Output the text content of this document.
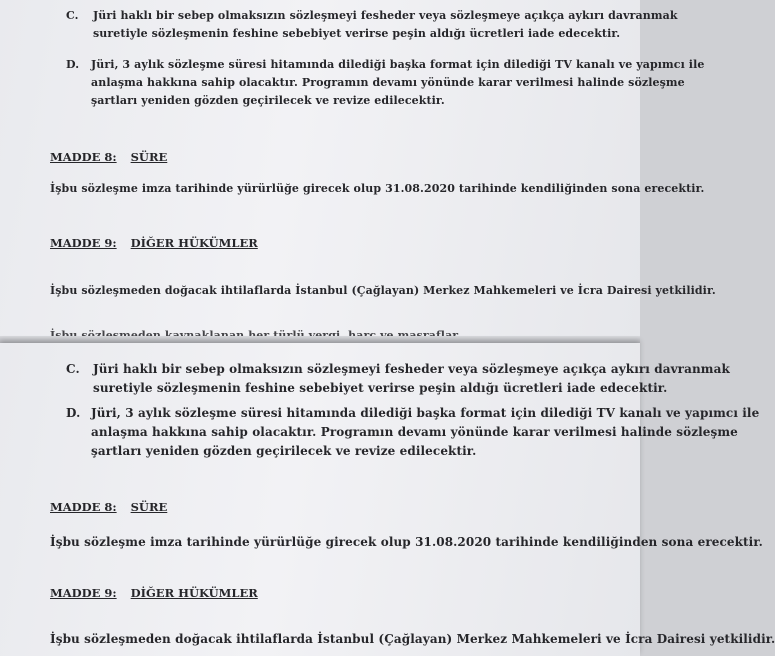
C. Jüri haklı bir sebep olmaksızın sözleşmeyi fesheder veya sözleşmeye açıkça aykırı davranmak
suretiyle sözleşmenin feshine sebebiyet verirse peşin aldığı ücretleri iade edecektir.
D. Jüri, 3 aylık sözleşme süresi hitamında dilediği başka format için dilediği TV kanalı ve yapımcı ile
anlaşma hakkına sahip olacaktır. Programın devamı yönünde karar verilmesi halinde sözleşme
şartları yeniden gözden geçirilecek ve revize edilecektir.
MADDE 8: SÜRE
İşbu sözleşme imza tarihinde yürürlüğe girecek olup 31.08.2020 tarihinde kendiliğinden sona erecektir.
MADDE 9: DİĞER HÜKÜMLER
İşbu sözleşmeden doğacak ihtilaflarda İstanbul (Çağlayan) Merkez Mahkemeleri ve İcra Dairesi yetkilidir.
C. Jüri haklı bir sebep olmaksızın sözleşmeyi fesheder veya sözleşmeye açıkça aykırı davranmak
suretiyle sözleşmenin feshine sebebiyet verirse peşin aldığı ücretleri iade edecektir.
D. Jüri, 3 aylık sözleşme süresi hitamında dilediği başka format için dilediği TV kanalı ve yapımcı ile
anlaşma hakkına sahip olacaktır. Programın devamı yönünde karar verilmesi halinde sözleşme
şartları yeniden gözden geçirilecek ve revize edilecektir.
MADDE 8: SÜRE
İşbu sözleşme imza tarihinde yürürlüğe girecek olup 31.08.2020 tarihinde kendiliğinden sona erecektir.
MADDE 9: DİĞER HÜKÜMLER
İşbu sözleşmeden doğacak ihtilaflarda İstanbul (Çağlayan) Merkez Mahkemeleri ve İcra Dairesi yetkilidir.
